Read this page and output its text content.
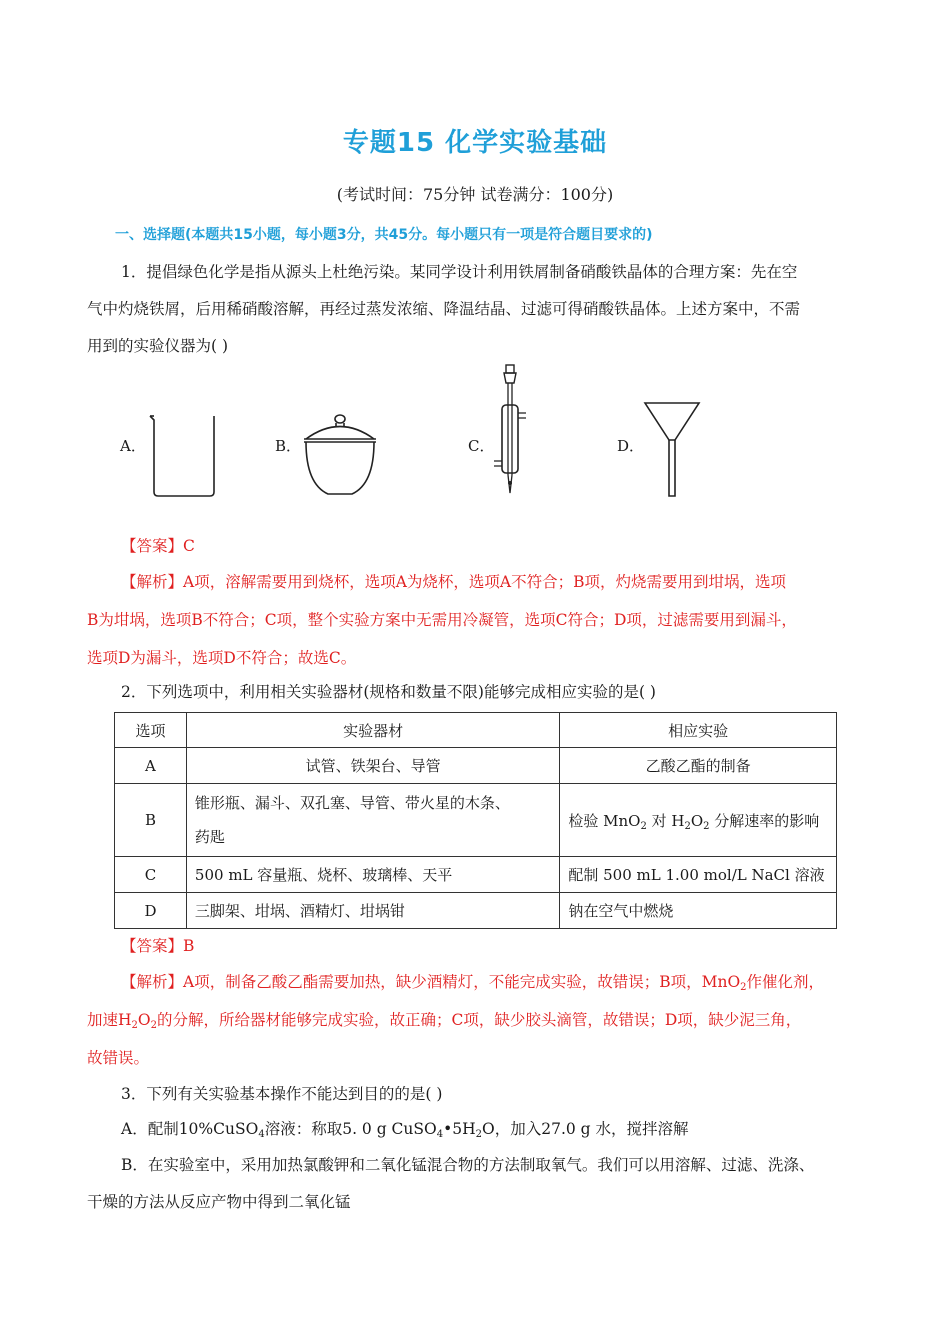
专题15 化学实验基础
(考试时间：75分钟 试卷满分：100分)
一、选择题(本题共15小题，每小题3分，共45分。每小题只有一项是符合题目要求的)
1．提倡绿色化学是指从源头上杜绝污染。某同学设计利用铁屑制备硝酸铁晶体的合理方案：先在空
气中灼烧铁屑，后用稀硝酸溶解，再经过蒸发浓缩、降温结晶、过滤可得硝酸铁晶体。上述方案中，不需
用到的实验仪器为( )
A．	B．	C．	D．
【答案】C
【解析】A项，溶解需要用到烧杯，选项A为烧杯，选项A不符合；B项，灼烧需要用到坩埚，选项
B为坩埚，选项B不符合；C项，整个实验方案中无需用冷凝管，选项C符合；D项，过滤需要用到漏斗，
选项D为漏斗，选项D不符合；故选C。
2．下列选项中，利用相关实验器材(规格和数量不限)能够完成相应实验的是( )
选项	实验器材	相应实验
A	试管、铁架台、导管	乙酸乙酯的制备
B	锥形瓶、漏斗、双孔塞、导管、带火星的木条、
药匙	检验 MnO$_2$ 对 $H_2O_2$ 分解速率的影响
C	500 mL 容量瓶、烧杯、玻璃棒、天平	配制 500 mL 1.00 mol/L NaCl 溶液
D	三脚架、坩埚、酒精灯、坩埚钳	钠在空气中燃烧
【答案】B
【解析】A项，制备乙酸乙酯需要加热，缺少酒精灯，不能完成实验，故错误；B项，MnO$_2$作催化剂，
加速$H_2O_2$的分解，所给器材能够完成实验，故正确；C项，缺少胶头滴管，故错误；D项，缺少泥三角，
故错误。
3．下列有关实验基本操作不能达到目的的是( )
A．配制10%CuSO$_4$溶液：称取5. 0 g $CuSO_4•5H_2O$，加入27.0 g 水，搅拌溶解
B．在实验室中，采用加热氯酸钾和二氧化锰混合物的方法制取氧气。我们可以用溶解、过滤、洗涤、
干燥的方法从反应产物中得到二氧化锰
